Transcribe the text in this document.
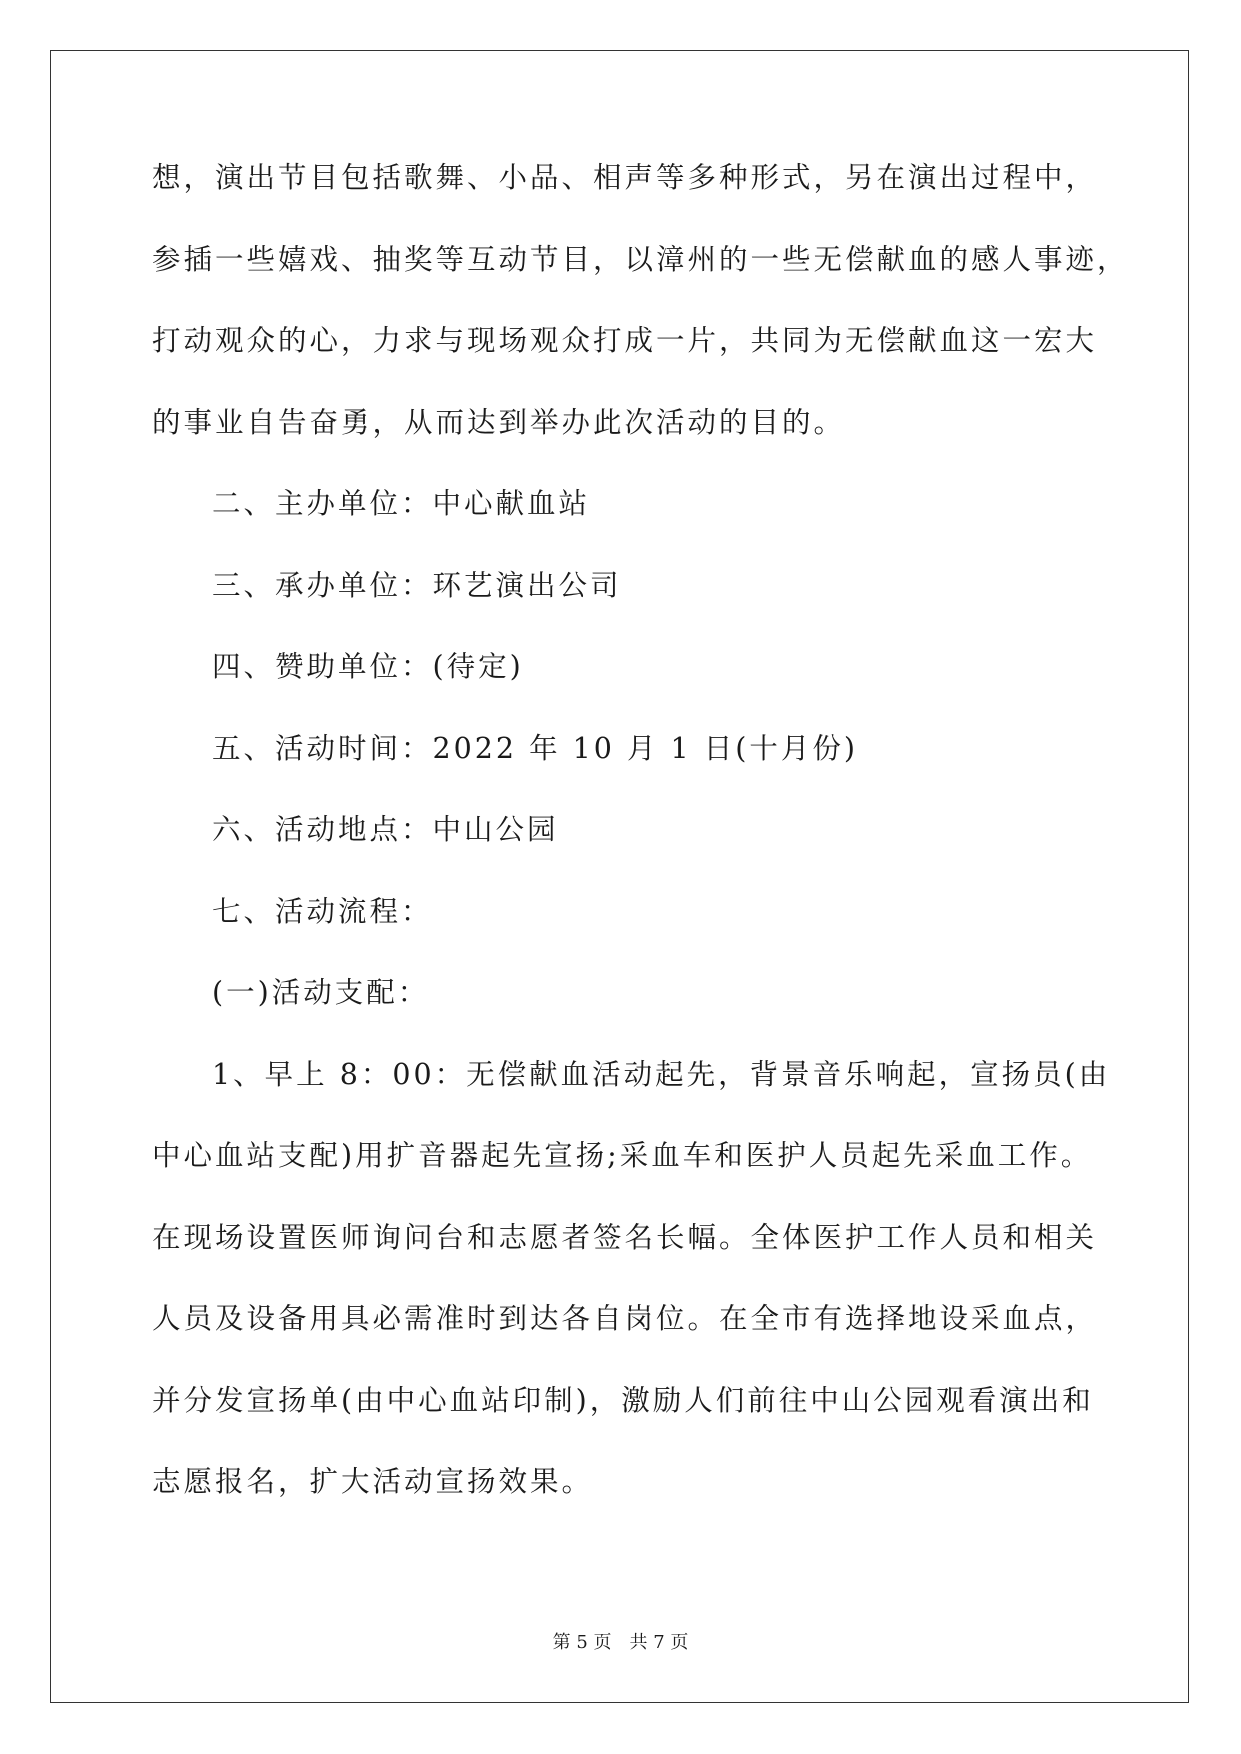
想，演出节目包括歌舞、小品、相声等多种形式，另在演出过程中，
参插一些嬉戏、抽奖等互动节目，以漳州的一些无偿献血的感人事迹，
打动观众的心，力求与现场观众打成一片，共同为无偿献血这一宏大
的事业自告奋勇，从而达到举办此次活动的目的。
二、主办单位：中心献血站
三、承办单位：环艺演出公司
四、赞助单位：(待定)
五、活动时间：2022 年 10 月 1 日(十月份)
六、活动地点：中山公园
七、活动流程：
(一)活动支配：
1、早上 8：00：无偿献血活动起先，背景音乐响起，宣扬员(由
中心血站支配)用扩音器起先宣扬;采血车和医护人员起先采血工作。
在现场设置医师询问台和志愿者签名长幅。全体医护工作人员和相关
人员及设备用具必需准时到达各自岗位。在全市有选择地设采血点，
并分发宣扬单(由中心血站印制)，激励人们前往中山公园观看演出和
志愿报名，扩大活动宣扬效果。
第 5 页　共 7 页
